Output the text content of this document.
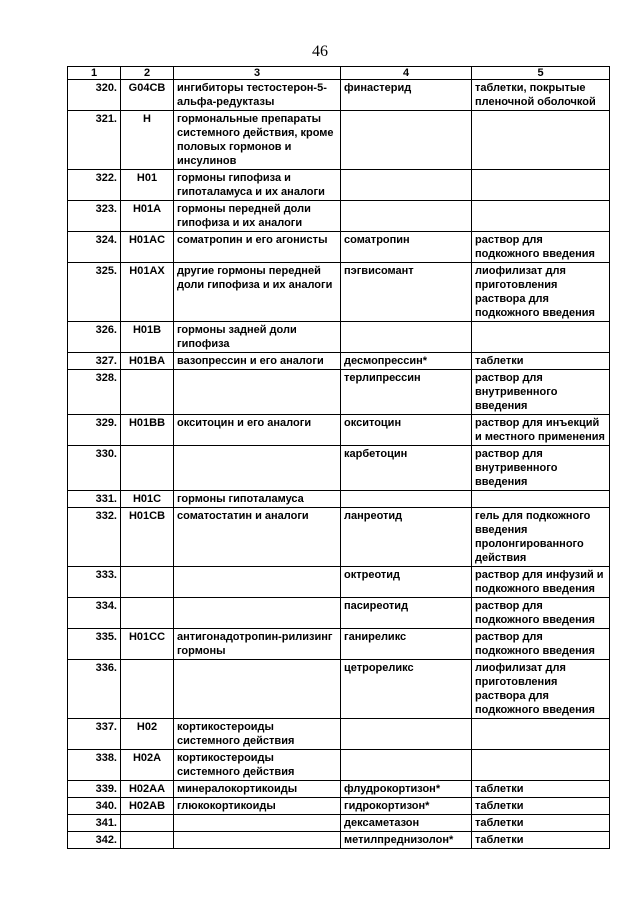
46
1	2	3	4	5
320.	G04CB	ингибиторы тестостерон-5-альфа-редуктазы	финастерид	таблетки, покрытые пленочной оболочкой
321.	H	гормональные препараты системного действия, кроме половых гормонов и инсулинов		
322.	H01	гормоны гипофиза и гипоталамуса и их аналоги		
323.	H01A	гормоны передней доли гипофиза и их аналоги		
324.	H01AC	соматропин и его агонисты	соматропин	раствор для подкожного введения
325.	H01AX	другие гормоны передней доли гипофиза и их аналоги	пэгвисомант	лиофилизат для приготовления раствора для подкожного введения
326.	H01B	гормоны задней доли гипофиза		
327.	H01BA	вазопрессин и его аналоги	десмопрессин*	таблетки
328.			терлипрессин	раствор для внутривенного введения
329.	H01BB	окситоцин и его аналоги	окситоцин	раствор для инъекций и местного применения
330.			карбетоцин	раствор для внутривенного введения
331.	H01C	гормоны гипоталамуса		
332.	H01CB	соматостатин и аналоги	ланреотид	гель для подкожного введения пролонгированного действия
333.			октреотид	раствор для инфузий и подкожного введения
334.			пасиреотид	раствор для подкожного введения
335.	H01CC	антигонадотропин-рилизинг гормоны	ганиреликс	раствор для подкожного введения
336.			цетрореликс	лиофилизат для приготовления раствора для подкожного введения
337.	H02	кортикостероиды системного действия		
338.	H02A	кортикостероиды системного действия		
339.	H02AA	минералокортикоиды	флудрокортизон*	таблетки
340.	H02AB	глюкокортикоиды	гидрокортизон*	таблетки
341.			дексаметазон	таблетки
342.			метилпреднизолон*	таблетки
